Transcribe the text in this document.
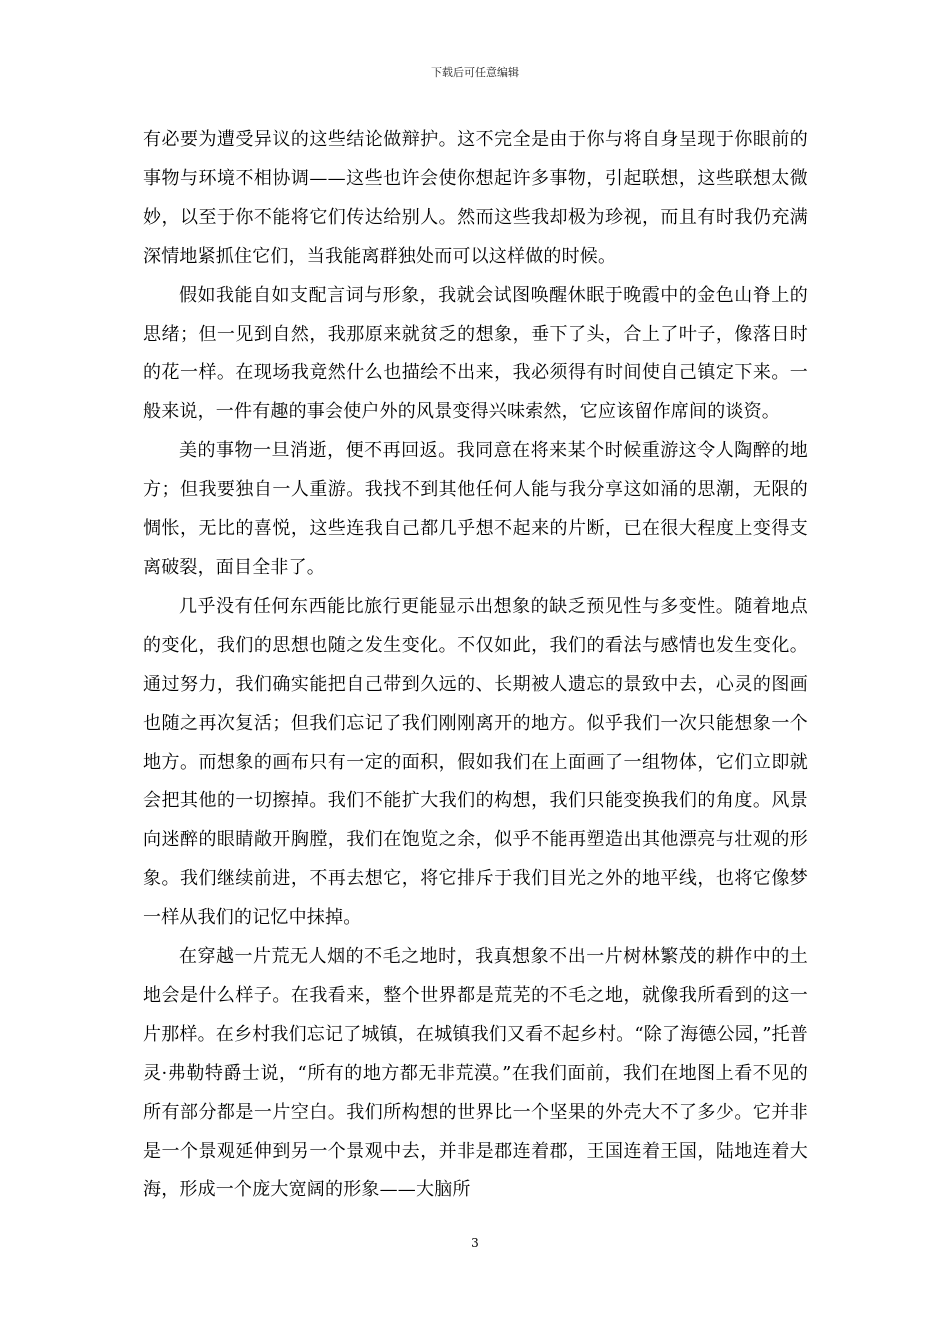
下载后可任意编辑

有必要为遭受异议的这些结论做辩护。这不完全是由于你与将自身呈现于你眼前的事物与环境不相协调——这些也许会使你想起许多事物，引起联想，这些联想太微妙，以至于你不能将它们传达给别人。然而这些我却极为珍视，而且有时我仍充满深情地紧抓住它们，当我能离群独处而可以这样做的时候。

假如我能自如支配言词与形象，我就会试图唤醒休眠于晚霞中的金色山脊上的思绪；但一见到自然，我那原来就贫乏的想象，垂下了头，合上了叶子，像落日时的花一样。在现场我竟然什么也描绘不出来，我必须得有时间使自己镇定下来。一般来说，一件有趣的事会使户外的风景变得兴味索然，它应该留作席间的谈资。

美的事物一旦消逝，便不再回返。我同意在将来某个时候重游这令人陶醉的地方；但我要独自一人重游。我找不到其他任何人能与我分享这如涌的思潮，无限的惆怅，无比的喜悦，这些连我自己都几乎想不起来的片断，已在很大程度上变得支离破裂，面目全非了。

几乎没有任何东西能比旅行更能显示出想象的缺乏预见性与多变性。随着地点的变化，我们的思想也随之发生变化。不仅如此，我们的看法与感情也发生变化。通过努力，我们确实能把自己带到久远的、长期被人遗忘的景致中去，心灵的图画也随之再次复活；但我们忘记了我们刚刚离开的地方。似乎我们一次只能想象一个地方。而想象的画布只有一定的面积，假如我们在上面画了一组物体，它们立即就会把其他的一切擦掉。我们不能扩大我们的构想，我们只能变换我们的角度。风景向迷醉的眼睛敞开胸膛，我们在饱览之余，似乎不能再塑造出其他漂亮与壮观的形象。我们继续前进，不再去想它，将它排斥于我们目光之外的地平线，也将它像梦一样从我们的记忆中抹掉。

在穿越一片荒无人烟的不毛之地时，我真想象不出一片树林繁茂的耕作中的土地会是什么样子。在我看来，整个世界都是荒芜的不毛之地，就像我所看到的这一片那样。在乡村我们忘记了城镇，在城镇我们又看不起乡村。“除了海德公园，”托普灵·弗勒特爵士说，“所有的地方都无非荒漠。”在我们面前，我们在地图上看不见的所有部分都是一片空白。我们所构想的世界比一个坚果的外壳大不了多少。它并非是一个景观延伸到另一个景观中去，并非是郡连着郡，王国连着王国，陆地连着大海，形成一个庞大宽阔的形象——大脑所

3
